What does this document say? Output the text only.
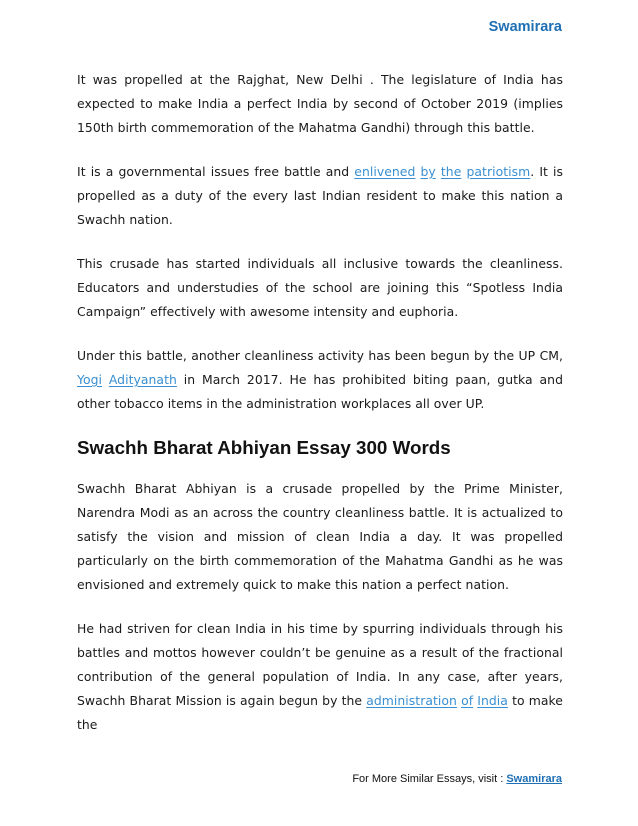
Swamirara

It was propelled at the Rajghat, New Delhi . The legislature of India has expected to make India a perfect India by second of October 2019 (implies 150th birth commemoration of the Mahatma Gandhi) through this battle.

It is a governmental issues free battle and enlivened by the patriotism. It is propelled as a duty of the every last Indian resident to make this nation a Swachh nation.

This crusade has started individuals all inclusive towards the cleanliness. Educators and understudies of the school are joining this “Spotless India Campaign” effectively with awesome intensity and euphoria.

Under this battle, another cleanliness activity has been begun by the UP CM, Yogi Adityanath in March 2017. He has prohibited biting paan, gutka and other tobacco items in the administration workplaces all over UP.

Swachh Bharat Abhiyan Essay 300 Words

Swachh Bharat Abhiyan is a crusade propelled by the Prime Minister, Narendra Modi as an across the country cleanliness battle. It is actualized to satisfy the vision and mission of clean India a day. It was propelled particularly on the birth commemoration of the Mahatma Gandhi as he was envisioned and extremely quick to make this nation a perfect nation.

He had striven for clean India in his time by spurring individuals through his battles and mottos however couldn’t be genuine as a result of the fractional contribution of the general population of India. In any case, after years, Swachh Bharat Mission is again begun by the administration of India to make the

For More Similar Essays, visit : Swamirara
